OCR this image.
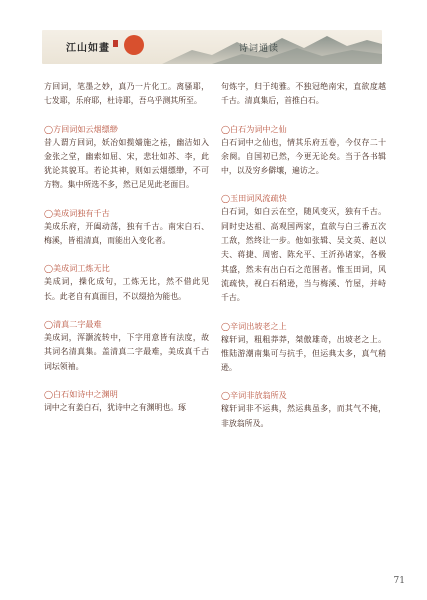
江山如畫	诗词通读
方回词，笔墨之妙，真乃一片化工。离骚耶，七发耶，乐府耶，杜诗耶，吾乌乎测其所至。
◯方回词如云烟缥缈
昔人谓方回词，妖冶如揽嫱施之袪，幽洁如入金张之堂，幽索如屈、宋，悲壮如苏、李，此犹论其貌耳。若论其神，则如云烟缥缈，不可方物。集中所选不多，然已足见此老面目。
◯美成词独有千古
美成乐府，开阖动荡，独有千古。南宋白石、梅溪，皆祖清真，而能出入变化者。
◯美成词工炼无比
美成词，操化成句，工炼无比，然不借此见长。此老自有真面目，不以缀拾为能也。
◯清真二字最难
美成词，浑灏流转中，下字用意皆有法度，故其词名清真集。盖清真二字最难，美成真千古词坛领袖。
◯白石如诗中之渊明
词中之有姜白石，犹诗中之有渊明也。琢
句炼字，归于纯雅。不独冠绝南宋，直欲度越千古。清真集后，首推白石。
◯白石为词中之仙
白石词中之仙也，情其乐府五卷，今仅存二十余阕。自国初已然，今更无论矣。当于各书辑中，以及穷乡僻壤，遍访之。
◯玉田词风流疏快
白石词，如白云在空，随风变灭，独有千古。同时史达祖、高观国两家，直欲与白三番五次工敌，然终让一步。他如张辑、吴文英、赵以夫、蒋捷、周密、陈允平、王沂孙诸家，各极其盛，然未有出白石之范围者。惟玉田词，风流疏快，视白石稍逊，当与梅溪、竹屋，并峙千古。
◯辛词出坡老之上
稼轩词，粗粗莽莽，桀傲雄奇，出坡老之上。惟陆游潮南集可与抗手，但运典太多，真气稍逊。
◯辛词非放翁所及
稼轩词非不运典，然运典虽多，而其气不掩，非放翁所及。
71
